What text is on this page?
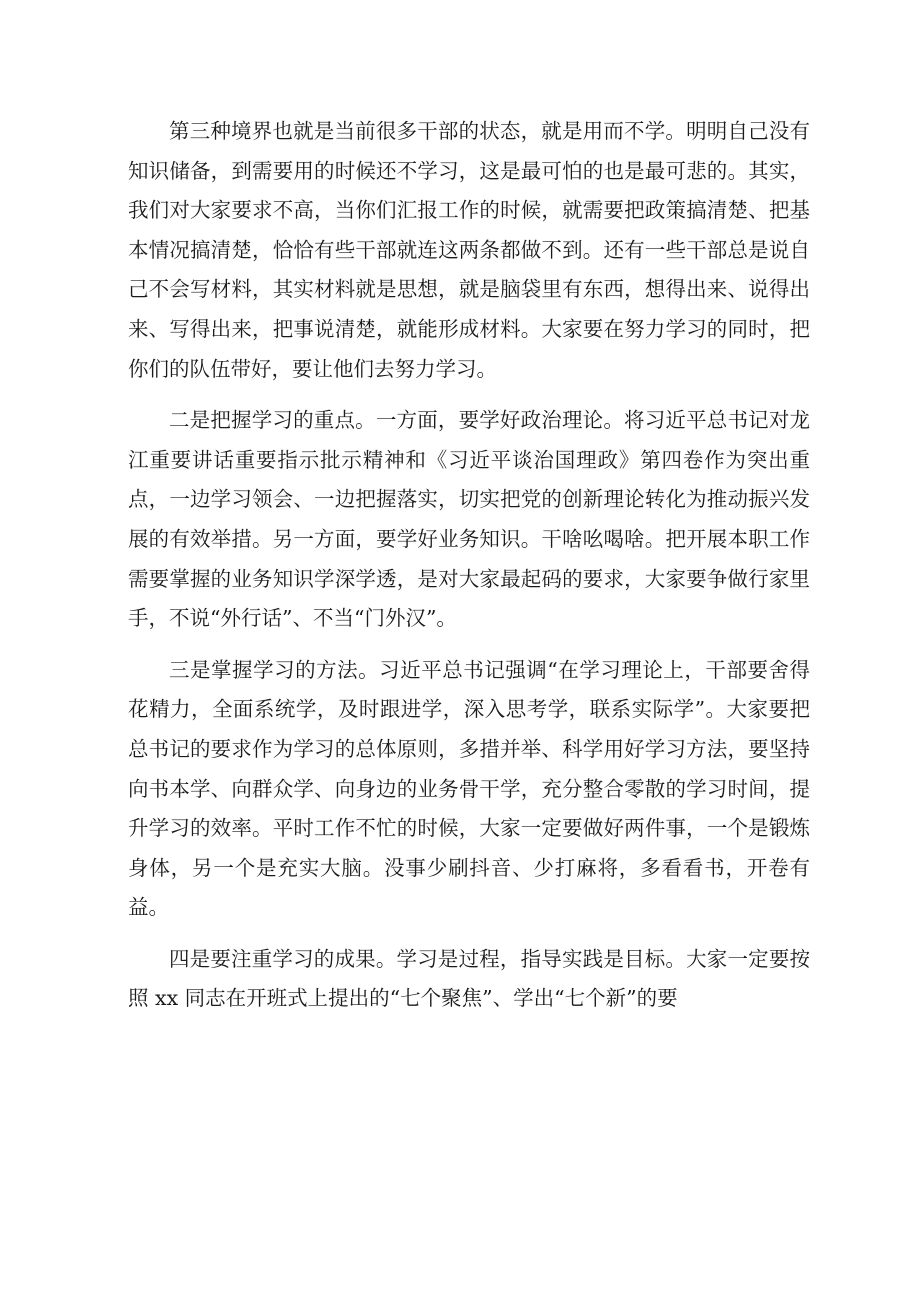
第三种境界也就是当前很多干部的状态，就是用而不学。明明自己没有知识储备，到需要用的时候还不学习，这是最可怕的也是最可悲的。其实，我们对大家要求不高，当你们汇报工作的时候，就需要把政策搞清楚、把基本情况搞清楚，恰恰有些干部就连这两条都做不到。还有一些干部总是说自己不会写材料，其实材料就是思想，就是脑袋里有东西，想得出来、说得出来、写得出来，把事说清楚，就能形成材料。大家要在努力学习的同时，把你们的队伍带好，要让他们去努力学习。

二是把握学习的重点。一方面，要学好政治理论。将习近平总书记对龙江重要讲话重要指示批示精神和《习近平谈治国理政》第四卷作为突出重点，一边学习领会、一边把握落实，切实把党的创新理论转化为推动振兴发展的有效举措。另一方面，要学好业务知识。干啥吆喝啥。把开展本职工作需要掌握的业务知识学深学透，是对大家最起码的要求，大家要争做行家里手，不说“外行话”、不当“门外汉”。

三是掌握学习的方法。习近平总书记强调“在学习理论上，干部要舍得花精力，全面系统学，及时跟进学，深入思考学，联系实际学”。大家要把总书记的要求作为学习的总体原则，多措并举、科学用好学习方法，要坚持向书本学、向群众学、向身边的业务骨干学，充分整合零散的学习时间，提升学习的效率。平时工作不忙的时候，大家一定要做好两件事，一个是锻炼身体，另一个是充实大脑。没事少刷抖音、少打麻将，多看看书，开卷有益。

四是要注重学习的成果。学习是过程，指导实践是目标。大家一定要按照 xx 同志在开班式上提出的“七个聚焦”、学出“七个新”的要
